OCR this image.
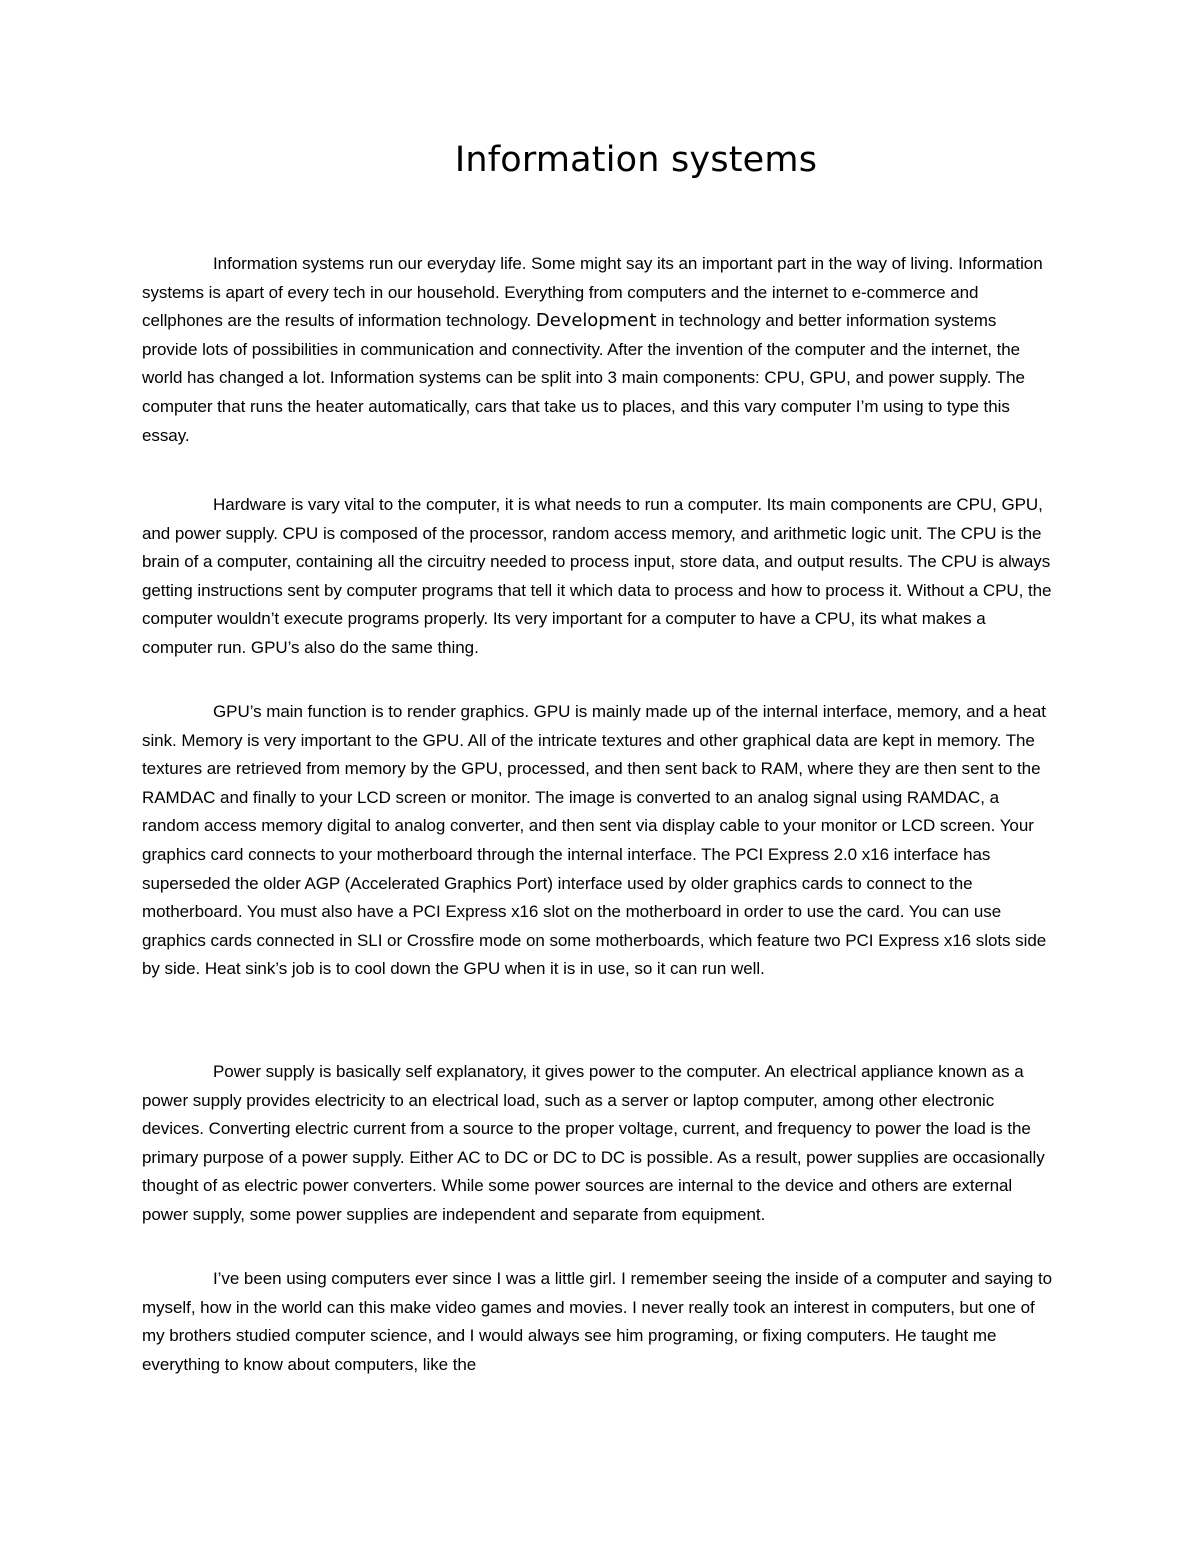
Information systems

Information systems run our everyday life. Some might say its an important part in the way of living. Information systems is apart of every tech in our household. Everything from computers and the internet to e-commerce and cellphones are the results of information technology. Development in technology and better information systems provide lots of possibilities in communication and connectivity. After the invention of the computer and the internet, the world has changed a lot. Information systems can be split into 3 main components: CPU, GPU, and power supply. The computer that runs the heater automatically, cars that take us to places, and this vary computer I’m using to type this essay.

Hardware is vary vital to the computer, it is what needs to run a computer. Its main components are CPU, GPU, and power supply. CPU is composed of the processor, random access memory, and arithmetic logic unit. The CPU is the brain of a computer, containing all the circuitry needed to process input, store data, and output results. The CPU is always getting instructions sent by computer programs that tell it which data to process and how to process it. Without a CPU, the computer wouldn’t execute programs properly. Its very important for a computer to have a CPU, its what makes a computer run. GPU’s also do the same thing.

GPU’s main function is to render graphics. GPU is mainly made up of the internal interface, memory, and a heat sink. Memory is very important to the GPU. All of the intricate textures and other graphical data are kept in memory. The textures are retrieved from memory by the GPU, processed, and then sent back to RAM, where they are then sent to the RAMDAC and finally to your LCD screen or monitor. The image is converted to an analog signal using RAMDAC, a random access memory digital to analog converter, and then sent via display cable to your monitor or LCD screen. Your graphics card connects to your motherboard through the internal interface. The PCI Express 2.0 x16 interface has superseded the older AGP (Accelerated Graphics Port) interface used by older graphics cards to connect to the motherboard. You must also have a PCI Express x16 slot on the motherboard in order to use the card. You can use graphics cards connected in SLI or Crossfire mode on some motherboards, which feature two PCI Express x16 slots side by side. Heat sink’s job is to cool down the GPU when it is in use, so it can run well.

Power supply is basically self explanatory, it gives power to the computer. An electrical appliance known as a power supply provides electricity to an electrical load, such as a server or laptop computer, among other electronic devices. Converting electric current from a source to the proper voltage, current, and frequency to power the load is the primary purpose of a power supply. Either AC to DC or DC to DC is possible. As a result, power supplies are occasionally thought of as electric power converters. While some power sources are internal to the device and others are external power supply, some power supplies are independent and separate from equipment.

I’ve been using computers ever since I was a little girl. I remember seeing the inside of a computer and saying to myself, how in the world can this make video games and movies. I never really took an interest in computers, but one of my brothers studied computer science, and I would always see him programing, or fixing computers. He taught me everything to know about computers, like the
